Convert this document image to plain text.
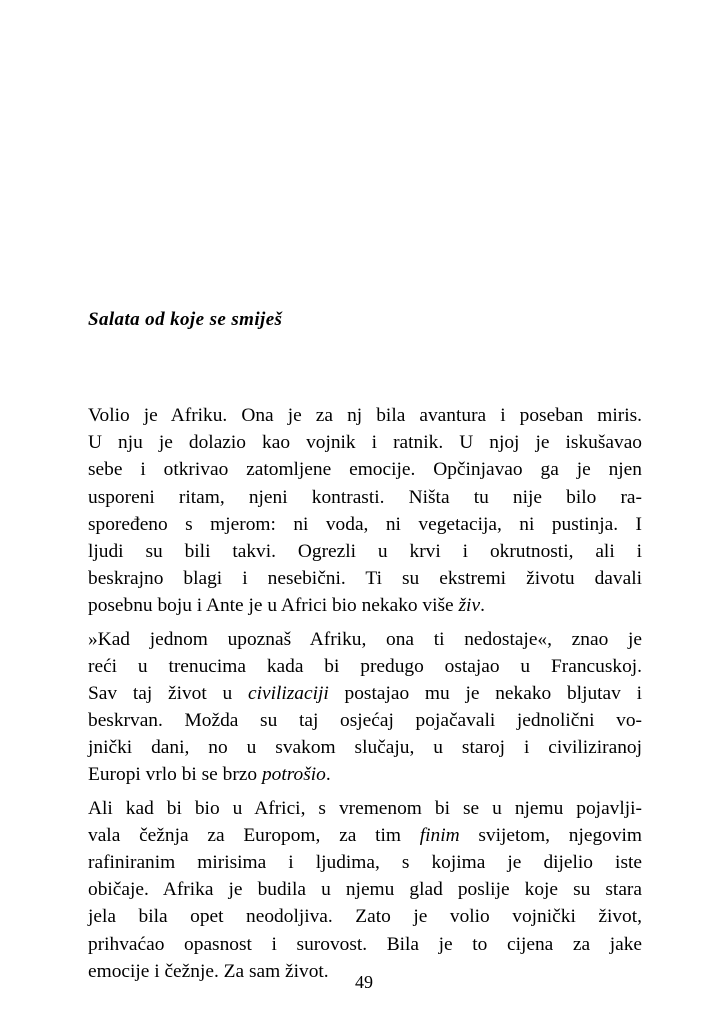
Salata od koje se smiješ

Volio je Afriku. Ona je za nj bila avantura i poseban miris.
U nju je dolazio kao vojnik i ratnik. U njoj je iskušavao
sebe i otkrivao zatomljene emocije. Opčinjavao ga je njen
usporeni ritam, njeni kontrasti. Ništa tu nije bilo ra-
spoređeno s mjerom: ni voda, ni vegetacija, ni pustinja. I
ljudi su bili takvi. Ogrezli u krvi i okrutnosti, ali i
beskrajno blagi i nesebični. Ti su ekstremi životu davali
posebnu boju i Ante je u Africi bio nekako više živ.

»Kad jednom upoznaš Afriku, ona ti nedostaje«, znao je
reći u trenucima kada bi predugo ostajao u Francuskoj.
Sav taj život u civilizaciji postajao mu je nekako bljutav i
beskrvan. Možda su taj osjećaj pojačavali jednolični vo-
jnički dani, no u svakom slučaju, u staroj i civiliziranoj
Europi vrlo bi se brzo potrošio.

Ali kad bi bio u Africi, s vremenom bi se u njemu pojavlji-
vala čežnja za Europom, za tim finim svijetom, njegovim
rafiniranim mirisima i ljudima, s kojima je dijelio iste
običaje. Afrika je budila u njemu glad poslije koje su stara
jela bila opet neodoljiva. Zato je volio vojnički život,
prihvaćao opasnost i surovost. Bila je to cijena za jake
emocije i čežnje. Za sam život.

49
